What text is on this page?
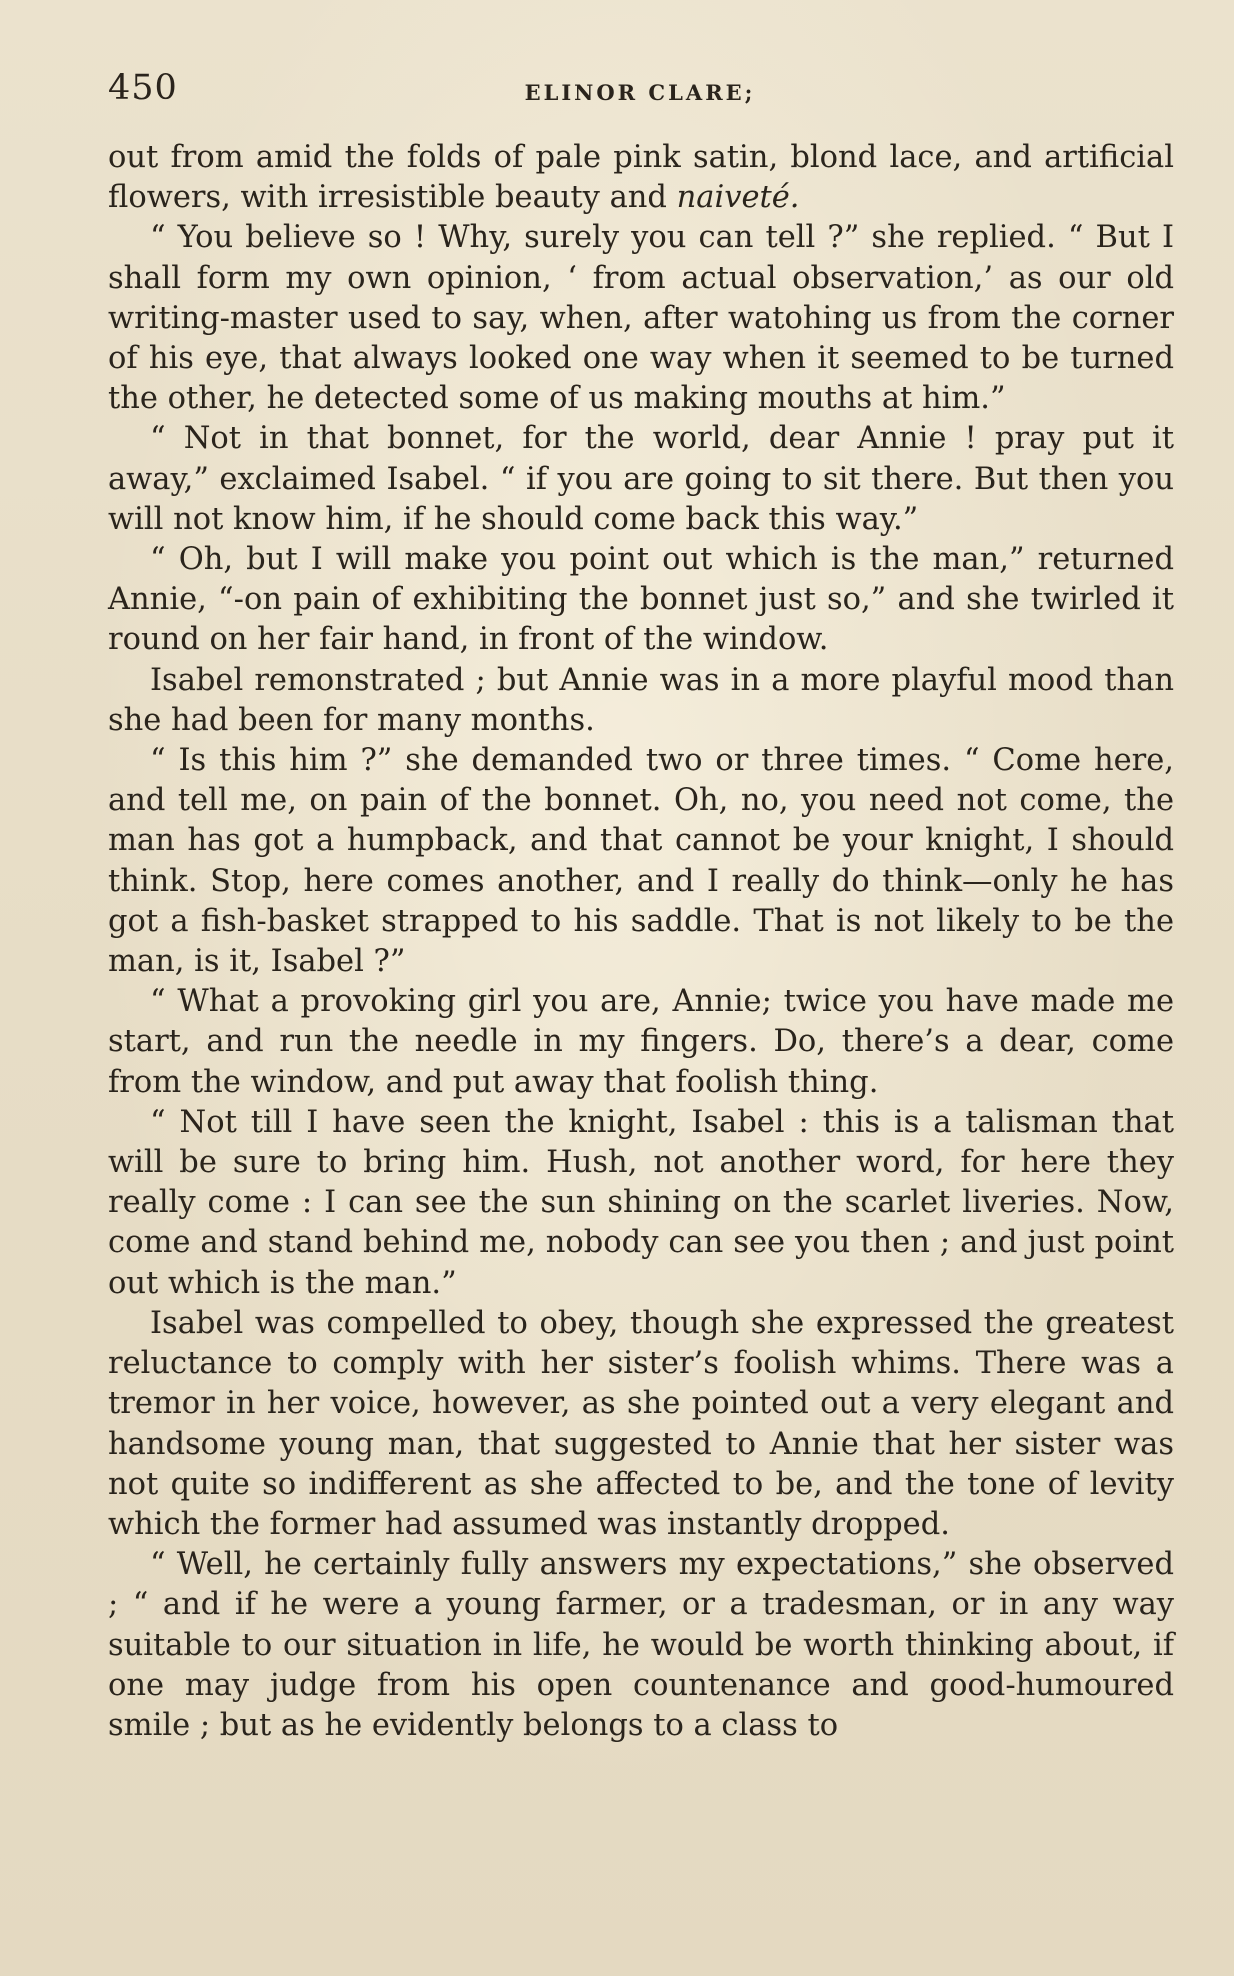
450	ELINOR CLARE;

out from amid the folds of pale pink satin, blond lace, and artificial flowers, with irresistible beauty and naiveté.

“ You believe so ! Why, surely you can tell ?” she replied. “ But I shall form my own opinion, ‘ from actual observation,’ as our old writing-master used to say, when, after watohing us from the corner of his eye, that always looked one way when it seemed to be turned the other, he detected some of us making mouths at him.”

“ Not in that bonnet, for the world, dear Annie ! pray put it away,” exclaimed Isabel. “ if you are going to sit there. But then you will not know him, if he should come back this way.”

“ Oh, but I will make you point out which is the man,” returned Annie, “-on pain of exhibiting the bonnet just so,” and she twirled it round on her fair hand, in front of the window.

Isabel remonstrated ; but Annie was in a more playful mood than she had been for many months.

“ Is this him ?” she demanded two or three times. “ Come here, and tell me, on pain of the bonnet. Oh, no, you need not come, the man has got a humpback, and that cannot be your knight, I should think. Stop, here comes another, and I really do think—only he has got a fish-basket strapped to his saddle. That is not likely to be the man, is it, Isabel ?”

“ What a provoking girl you are, Annie; twice you have made me start, and run the needle in my fingers. Do, there’s a dear, come from the window, and put away that foolish thing.

“ Not till I have seen the knight, Isabel : this is a talisman that will be sure to bring him. Hush, not another word, for here they really come : I can see the sun shining on the scarlet liveries. Now, come and stand behind me, nobody can see you then ; and just point out which is the man.”

Isabel was compelled to obey, though she expressed the greatest reluctance to comply with her sister’s foolish whims. There was a tremor in her voice, however, as she pointed out a very elegant and handsome young man, that suggested to Annie that her sister was not quite so indifferent as she affected to be, and the tone of levity which the former had assumed was instantly dropped.

“ Well, he certainly fully answers my expectations,” she observed ; “ and if he were a young farmer, or a tradesman, or in any way suitable to our situation in life, he would be worth thinking about, if one may judge from his open countenance and good-humoured smile ; but as he evidently belongs to a class to
